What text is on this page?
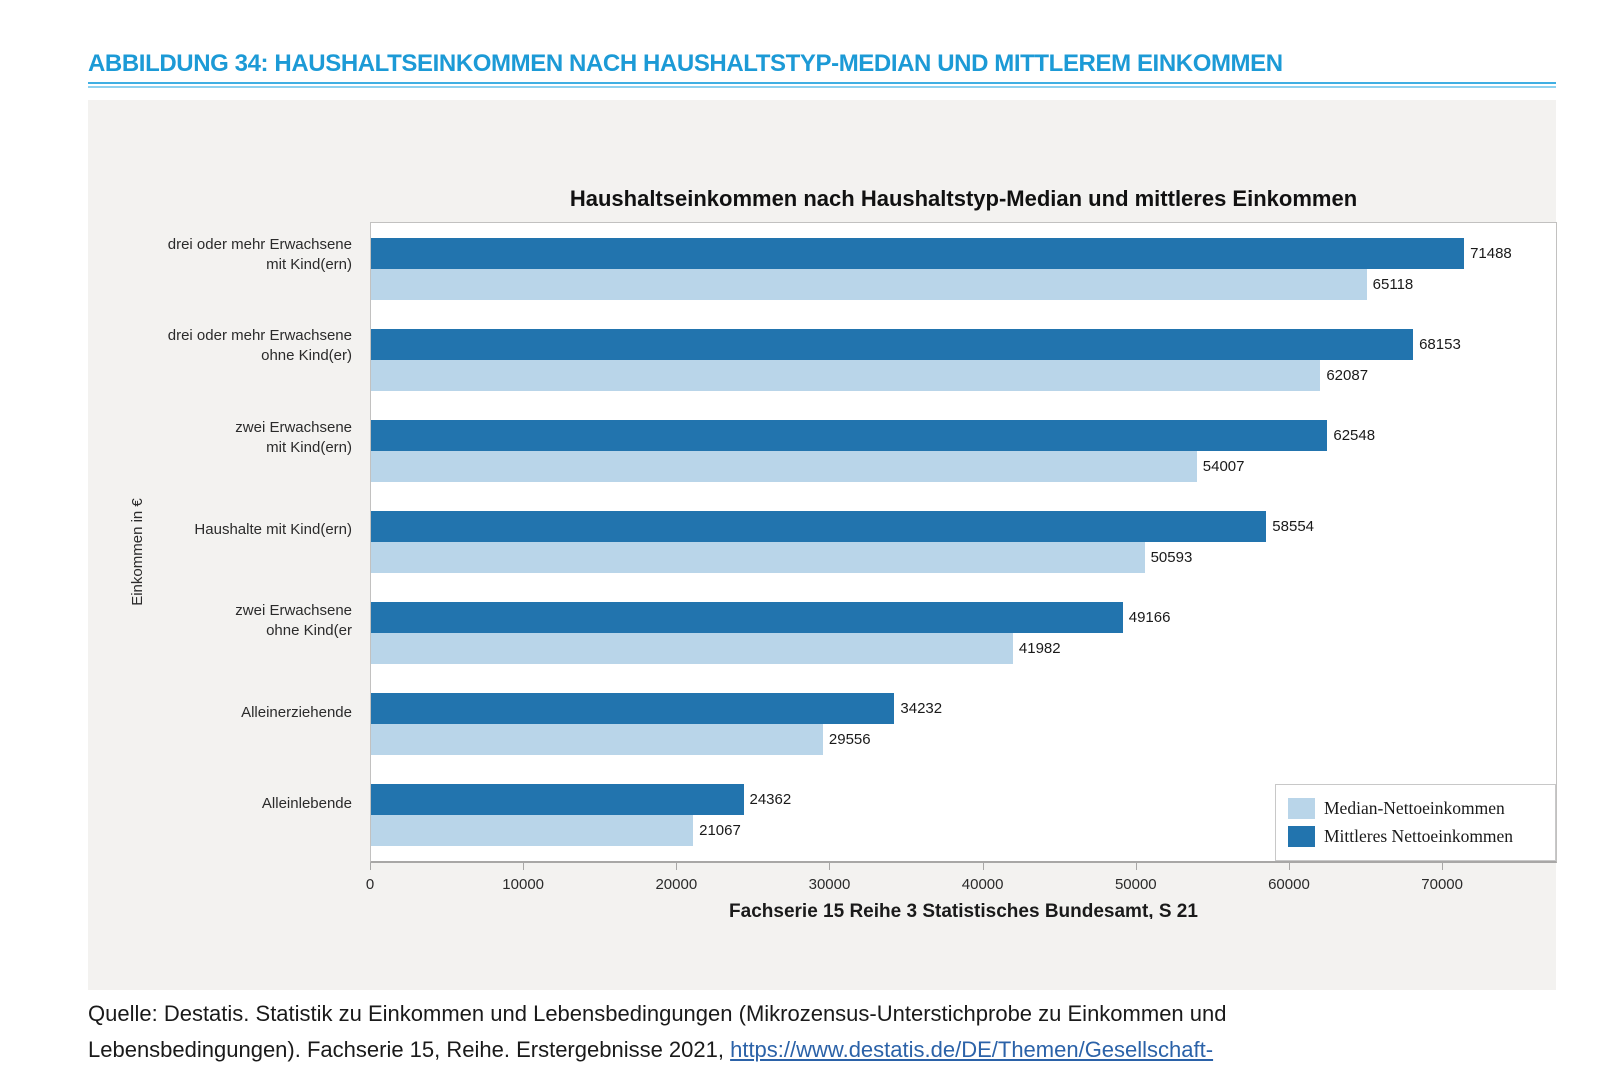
ABBILDUNG 34: HAUSHALTSEINKOMMEN NACH HAUSHALTSTYP-MEDIAN UND MITTLEREM EINKOMMEN
Haushaltseinkommen nach Haushaltstyp-Median und mittleres Einkommen
Einkommen in €
drei oder mehr Erwachsene
mit Kind(ern)
drei oder mehr Erwachsene
ohne Kind(er)
zwei Erwachsene
mit Kind(ern)
Haushalte mit Kind(ern)
zwei Erwachsene
ohne Kind(er
Alleinerziehende
Alleinlebende
71488
65118
68153
62087
62548
54007
58554
50593
49166
41982
34232
29556
24362
21067
Median-Nettoeinkommen
Mittleres Nettoeinkommen
0	10000	20000	30000	40000	50000	60000	70000
Fachserie 15 Reihe 3 Statistisches Bundesamt, S 21
Quelle: Destatis. Statistik zu Einkommen und Lebensbedingungen (Mikrozensus-Unterstichprobe zu Einkommen und
Lebensbedingungen). Fachserie 15, Reihe. Erstergebnisse 2021, https://www.destatis.de/DE/Themen/Gesellschaft-
